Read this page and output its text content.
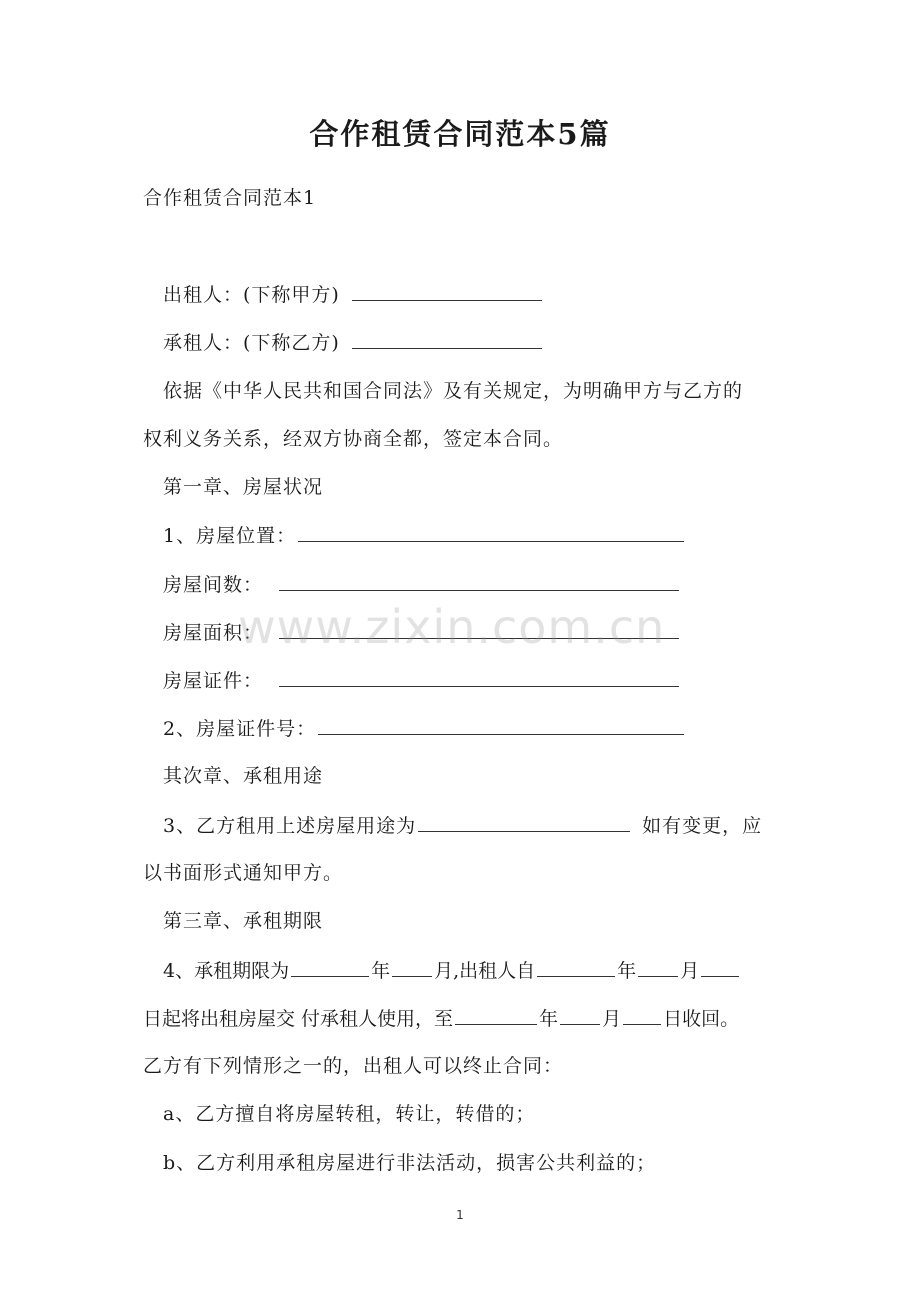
合作租赁合同范本5篇

合作租赁合同范本1

出租人：(下称甲方)

承租人：(下称乙方)

依据《中华人民共和国合同法》及有关规定，为明确甲方与乙方的

权利义务关系，经双方协商全都，签定本合同。

第一章、房屋状况

1、房屋位置：

房屋间数：

房屋面积：

房屋证件：

2、房屋证件号：

其次章、承租用途

3、乙方租用上述房屋用途为	如有变更，应

以书面形式通知甲方。

第三章、承租期限

4、承租期限为	年 月,出租人自	年 月

日起将出租房屋交 付承租人使用，至	年 月 日收回。

乙方有下列情形之一的，出租人可以终止合同：

a、乙方擅自将房屋转租，转让，转借的；

b、乙方利用承租房屋进行非法活动，损害公共利益的；

www.zixin.com.cn
1
